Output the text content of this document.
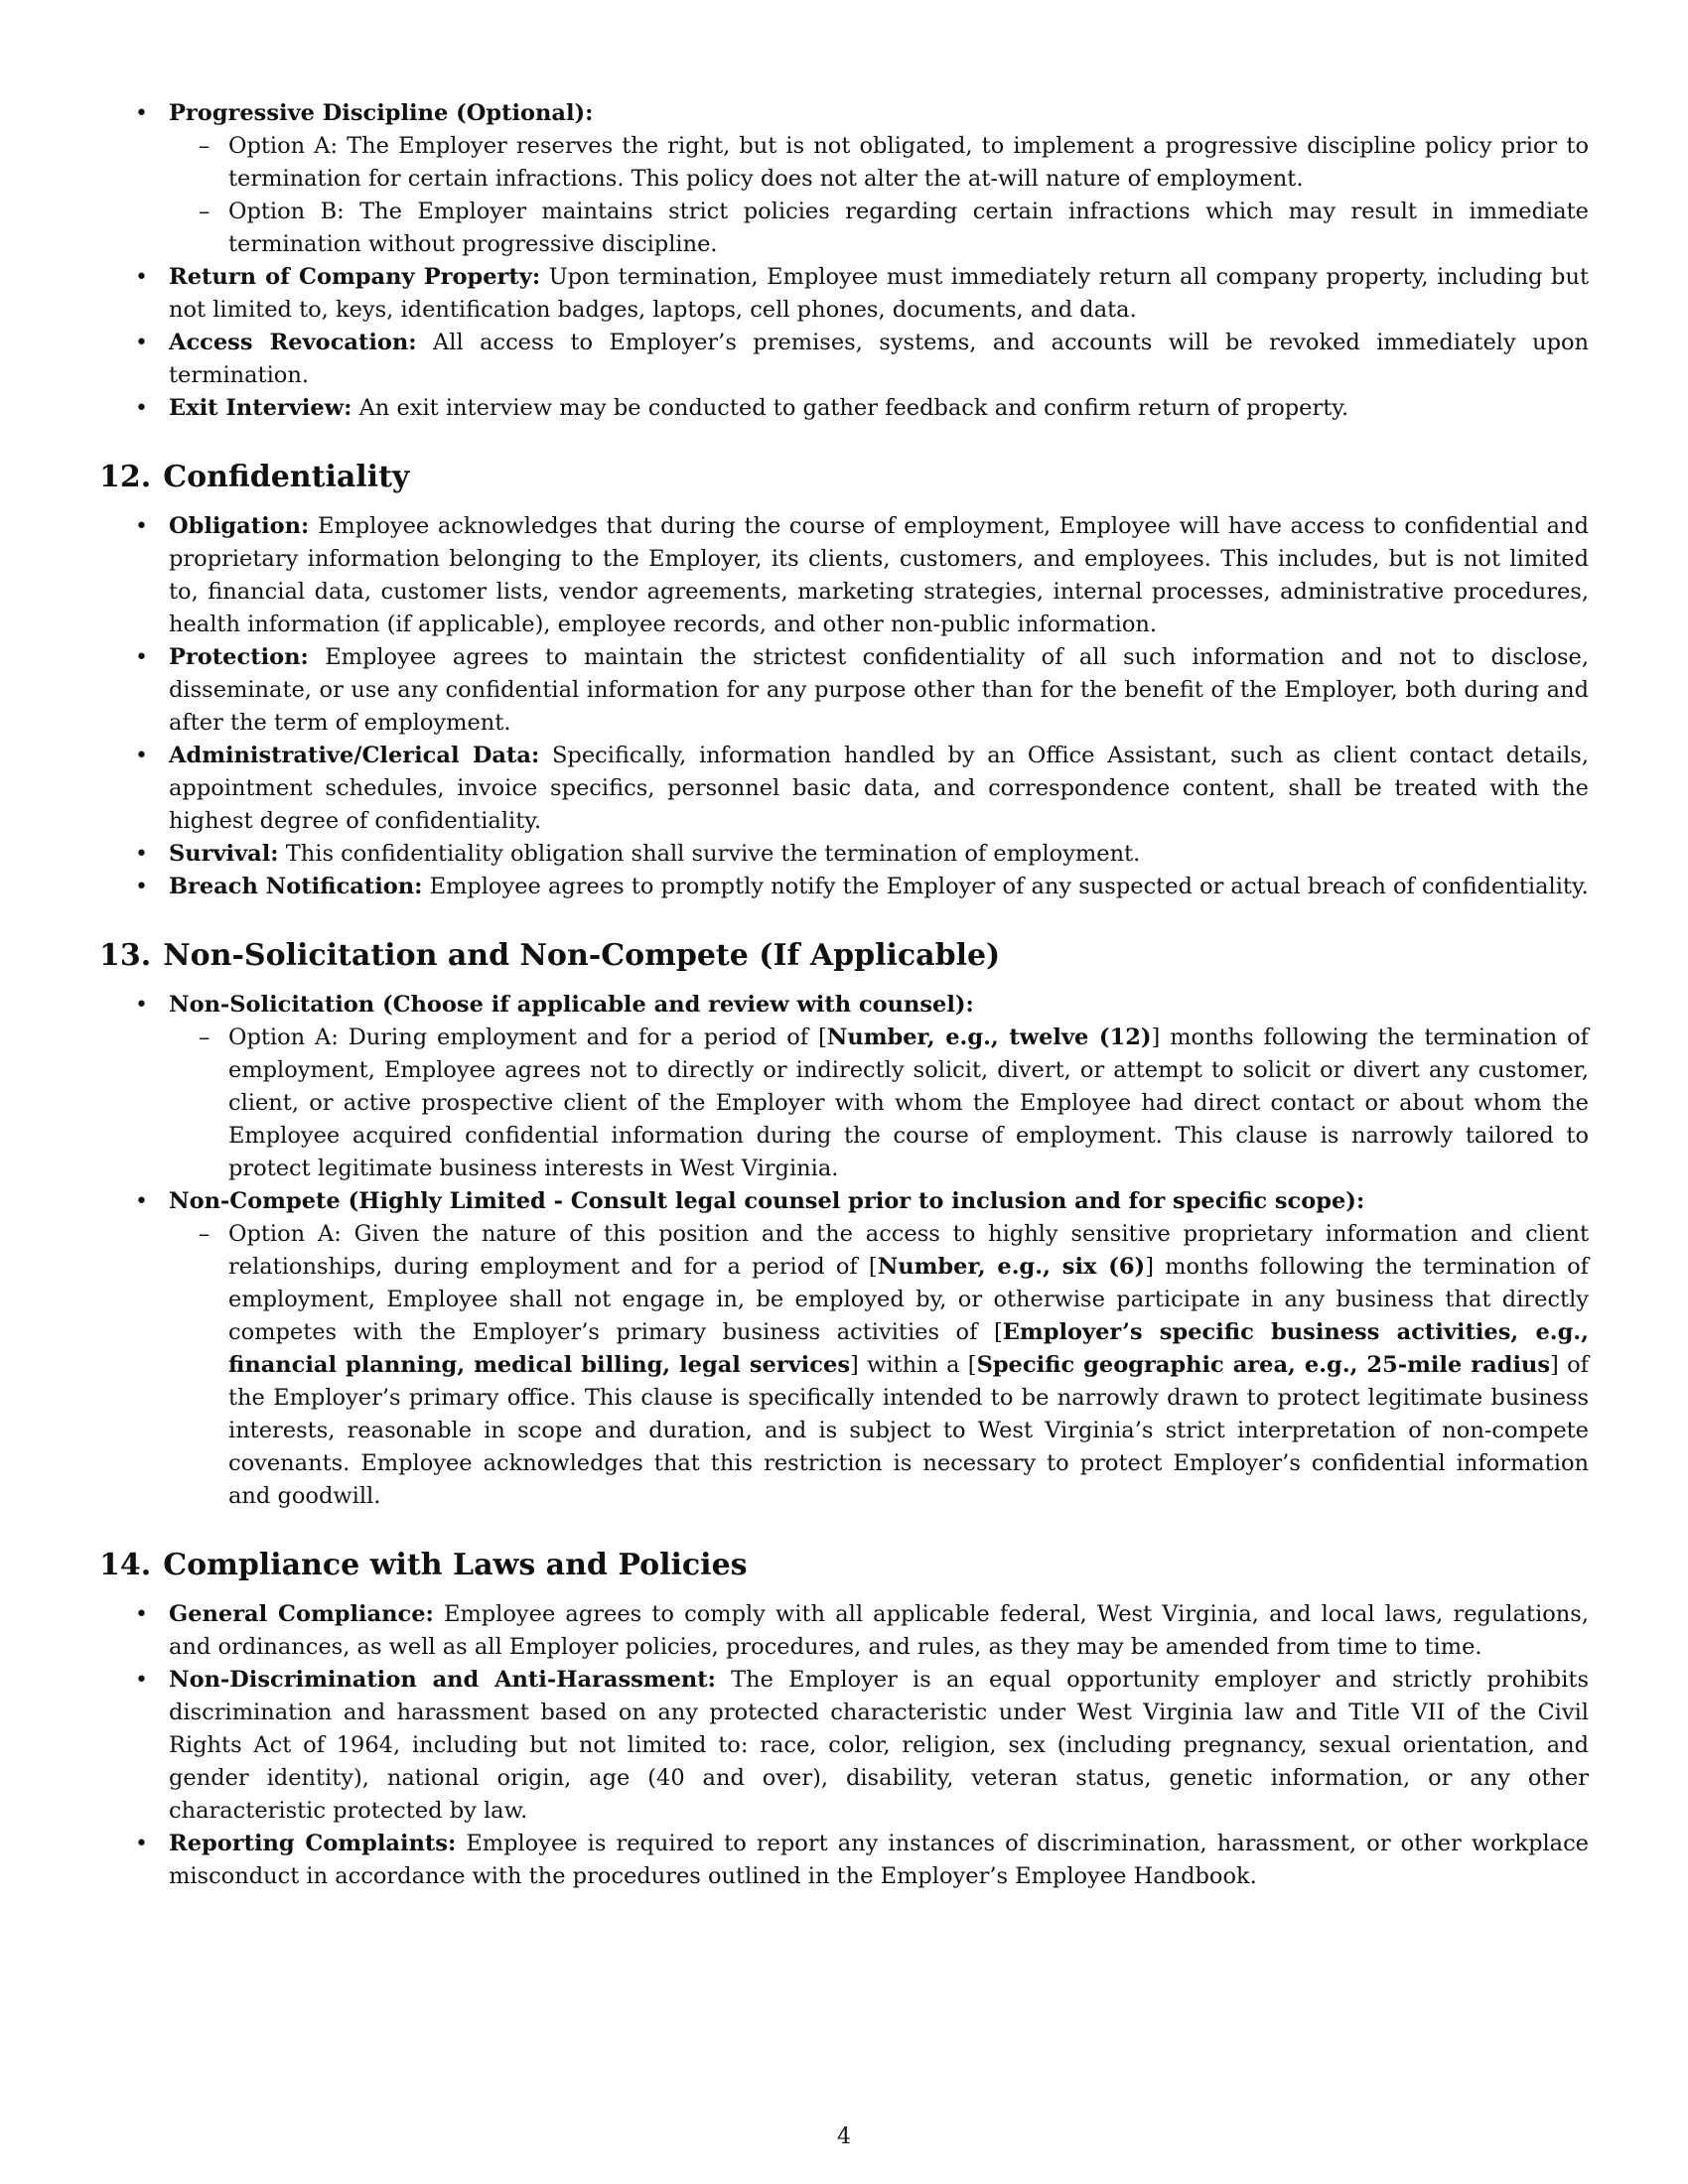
• Progressive Discipline (Optional):
– Option A: The Employer reserves the right, but is not obligated, to implement a progressive discipline policy prior to termination for certain infractions. This policy does not alter the at-will nature of employment.
– Option B: The Employer maintains strict policies regarding certain infractions which may result in immediate termination without progressive discipline.
• Return of Company Property: Upon termination, Employee must immediately return all company property, including but not limited to, keys, identification badges, laptops, cell phones, documents, and data.
• Access Revocation: All access to Employer’s premises, systems, and accounts will be revoked immediately upon termination.
• Exit Interview: An exit interview may be conducted to gather feedback and confirm return of property.
12. Confidentiality
• Obligation: Employee acknowledges that during the course of employment, Employee will have access to confidential and proprietary information belonging to the Employer, its clients, customers, and employees. This includes, but is not limited to, financial data, customer lists, vendor agreements, marketing strategies, internal processes, administrative procedures, health information (if applicable), employee records, and other non-public information.
• Protection: Employee agrees to maintain the strictest confidentiality of all such information and not to disclose, disseminate, or use any confidential information for any purpose other than for the benefit of the Employer, both during and after the term of employment.
• Administrative/Clerical Data: Specifically, information handled by an Office Assistant, such as client contact details, appointment schedules, invoice specifics, personnel basic data, and correspondence content, shall be treated with the highest degree of confidentiality.
• Survival: This confidentiality obligation shall survive the termination of employment.
• Breach Notification: Employee agrees to promptly notify the Employer of any suspected or actual breach of confidentiality.
13. Non-Solicitation and Non-Compete (If Applicable)
• Non-Solicitation (Choose if applicable and review with counsel):
– Option A: During employment and for a period of [Number, e.g., twelve (12)] months following the termination of employment, Employee agrees not to directly or indirectly solicit, divert, or attempt to solicit or divert any customer, client, or active prospective client of the Employer with whom the Employee had direct contact or about whom the Employee acquired confidential information during the course of employment. This clause is narrowly tailored to protect legitimate business interests in West Virginia.
• Non-Compete (Highly Limited - Consult legal counsel prior to inclusion and for specific scope):
– Option A: Given the nature of this position and the access to highly sensitive proprietary information and client relationships, during employment and for a period of [Number, e.g., six (6)] months following the termination of employment, Employee shall not engage in, be employed by, or otherwise participate in any business that directly competes with the Employer’s primary business activities of [Employer’s specific business activities, e.g., financial planning, medical billing, legal services] within a [Specific geographic area, e.g., 25-mile radius] of the Employer’s primary office. This clause is specifically intended to be narrowly drawn to protect legitimate business interests, reasonable in scope and duration, and is subject to West Virginia’s strict interpretation of non-compete covenants. Employee acknowledges that this restriction is necessary to protect Employer’s confidential information and goodwill.
14. Compliance with Laws and Policies
• General Compliance: Employee agrees to comply with all applicable federal, West Virginia, and local laws, regulations, and ordinances, as well as all Employer policies, procedures, and rules, as they may be amended from time to time.
• Non-Discrimination and Anti-Harassment: The Employer is an equal opportunity employer and strictly prohibits discrimination and harassment based on any protected characteristic under West Virginia law and Title VII of the Civil Rights Act of 1964, including but not limited to: race, color, religion, sex (including pregnancy, sexual orientation, and gender identity), national origin, age (40 and over), disability, veteran status, genetic information, or any other characteristic protected by law.
• Reporting Complaints: Employee is required to report any instances of discrimination, harassment, or other workplace misconduct in accordance with the procedures outlined in the Employer’s Employee Handbook.
4
